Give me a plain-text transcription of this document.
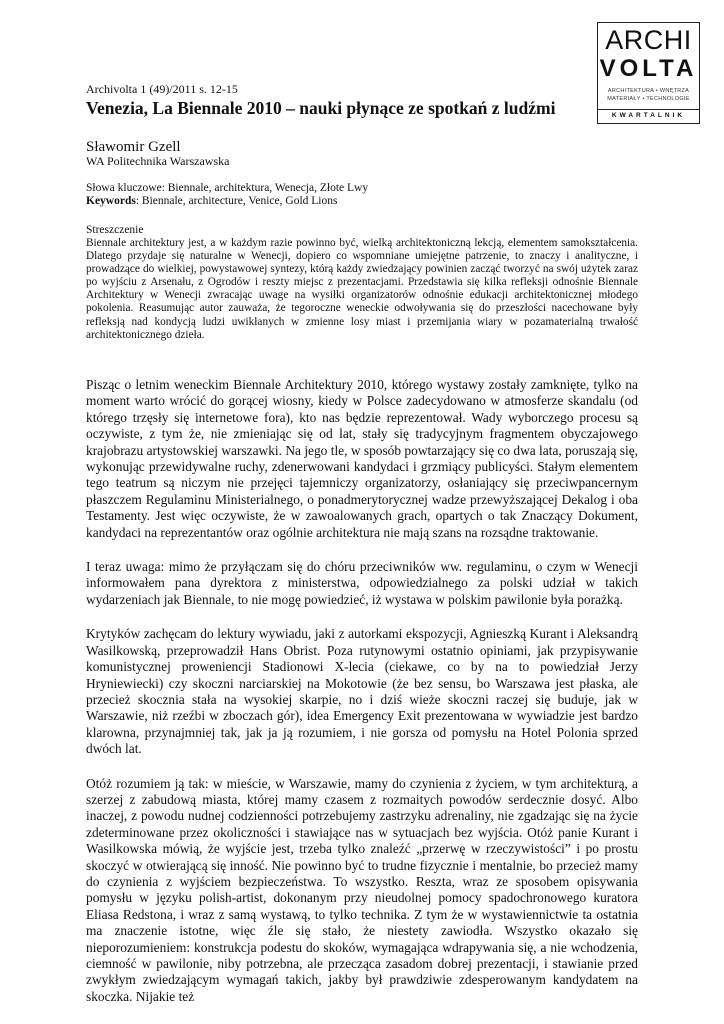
ARCHI
VOLTA
ARCHITEKTURA • WNĘTRZA
MATERIAŁY • TECHNOLOGIE
KWARTALNIK
Archivolta 1 (49)/2011 s. 12-15
Venezia, La Biennale 2010 – nauki płynące ze spotkań z ludźmi
Sławomir Gzell
WA Politechnika Warszawska
Słowa kluczowe: Biennale, architektura, Wenecja, Złote Lwy
Keywords: Biennale, architecture, Venice, Gold Lions
Streszczenie

Biennale architektury jest, a w każdym razie powinno być, wielką architektoniczną lekcją, elementem samokształcenia. Dlatego przydaje się naturalne w Wenecji, dopiero co wspomniane umiejętne patrzenie, to znaczy i analityczne, i prowadzące do wielkiej, powystawowej syntezy, którą każdy zwiedzający powinien zacząć tworzyć na swój użytek zaraz po wyjściu z Arsenału, z Ogrodów i reszty miejsc z prezentacjami. Przedstawia się kilka refleksji odnośnie Biennale Architektury w Wenecji zwracając uwage na wysiłki organizatorów odnośnie edukacji architektonicznej młodego pokolenia. Reasumując autor zauważa, że tegoroczne weneckie odwoływania się do przeszłości nacechowane były refleksją nad kondycją ludzi uwikłanych w zmienne losy miast i przemijania wiary w pozamaterialną trwałość architektonicznego dzieła.

Pisząc o letnim weneckim Biennale Architektury 2010, którego wystawy zostały zamknięte, tylko na moment warto wrócić do gorącej wiosny, kiedy w Polsce zadecydowano w atmosferze skandalu (od którego trzęsły się internetowe fora), kto nas będzie reprezentował. Wady wyborczego procesu są oczywiste, z tym że, nie zmieniając się od lat, stały się tradycyjnym fragmentem obyczajowego krajobrazu artystowskiej warszawki. Na jego tle, w sposób powtarzający się co dwa lata, poruszają się, wykonując przewidywalne ruchy, zdenerwowani kandydaci i grzmiący publicyści. Stałym elementem tego teatrum są niczym nie przejęci tajemniczy organizatorzy, osłaniający się przeciwpancernym płaszczem Regulaminu Ministerialnego, o ponadmerytorycznej wadze przewyższającej Dekalog i oba Testamenty. Jest więc oczywiste, że w zawoalowanych grach, opartych o tak Znaczący Dokument, kandydaci na reprezentantów oraz ogólnie architektura nie mają szans na rozsądne traktowanie.

I teraz uwaga: mimo że przyłączam się do chóru przeciwników ww. regulaminu, o czym w Wenecji informowałem pana dyrektora z ministerstwa, odpowiedzialnego za polski udział w takich wydarzeniach jak Biennale, to nie mogę powiedzieć, iż wystawa w polskim pawilonie była porażką.

Krytyków zachęcam do lektury wywiadu, jaki z autorkami ekspozycji, Agnieszką Kurant i Aleksandrą Wasilkowską, przeprowadził Hans Obrist. Poza rutynowymi ostatnio opiniami, jak przypisywanie komunistycznej proweniencji Stadionowi X-lecia (ciekawe, co by na to powiedział Jerzy Hryniewiecki) czy skoczni narciarskiej na Mokotowie (że bez sensu, bo Warszawa jest płaska, ale przecież skocznia stała na wysokiej skarpie, no i dziś wieże skoczni raczej się buduje, jak w Warszawie, niż rzeźbi w zboczach gór), idea Emergency Exit prezentowana w wywiadzie jest bardzo klarowna, przynajmniej tak, jak ja ją rozumiem, i nie gorsza od pomysłu na Hotel Polonia sprzed dwóch lat.

Otóż rozumiem ją tak: w mieście, w Warszawie, mamy do czynienia z życiem, w tym architekturą, a szerzej z zabudową miasta, której mamy czasem z rozmaitych powodów serdecznie dosyć. Albo inaczej, z powodu nudnej codzienności potrzebujemy zastrzyku adrenaliny, nie zgadzając się na życie zdeterminowane przez okoliczności i stawiające nas w sytuacjach bez wyjścia. Otóż panie Kurant i Wasilkowska mówią, że wyjście jest, trzeba tylko znaleźć „przerwę w rzeczywistości” i po prostu skoczyć w otwierającą się inność. Nie powinno być to trudne fizycznie i mentalnie, bo przecież mamy do czynienia z wyjściem bezpieczeństwa. To wszystko. Reszta, wraz ze sposobem opisywania pomysłu w języku polish-artist, dokonanym przy nieudolnej pomocy spadochronowego kuratora Eliasa Redstona, i wraz z samą wystawą, to tylko technika. Z tym że w wystawiennictwie ta ostatnia ma znaczenie istotne, więc źle się stało, że niestety zawiodła. Wszystko okazało się nieporozumieniem: konstrukcja podestu do skoków, wymagająca wdrapywania się, a nie wchodzenia, ciemność w pawilonie, niby potrzebna, ale przecząca zasadom dobrej prezentacji, i stawianie przed zwykłym zwiedzającym wymagań takich, jakby był prawdziwie zdesperowanym kandydatem na skoczka. Nijakie też
